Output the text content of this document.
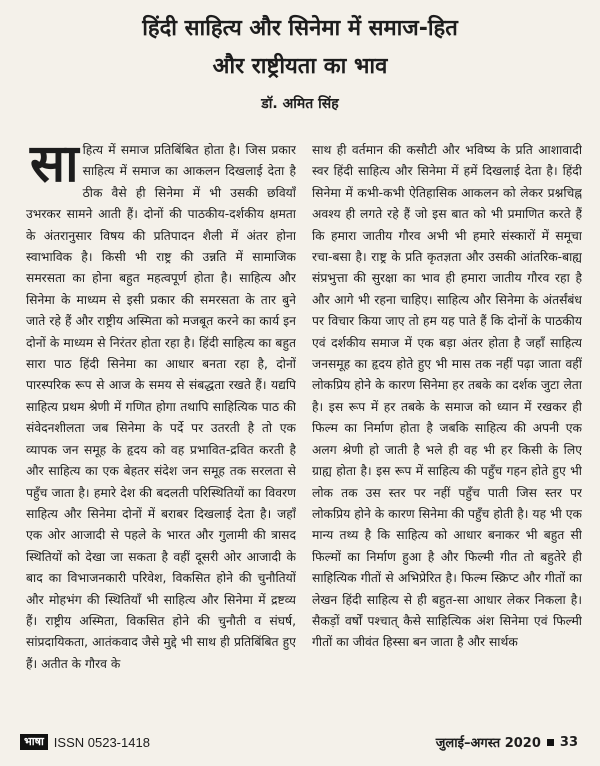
हिंदी साहित्य और सिनेमा में समाज-हित
और राष्ट्रीयता का भाव
डॉ. अमित सिंह
सा हित्य में समाज प्रतिबिंबित होता है। जिस प्रकार साहित्य में समाज का आकलन दिखलाई देता है ठीक वैसे ही सिनेमा में भी उसकी छवियाँ उभरकर सामने आती हैं। दोनों की पाठकीय-दर्शकीय क्षमता के अंतरानुसार विषय की प्रतिपादन शैली में अंतर होना स्वाभाविक है। किसी भी राष्ट्र की उन्नति में सामाजिक समरसता का होना बहुत महत्वपूर्ण होता है। साहित्य और सिनेमा के माध्यम से इसी प्रकार की समरसता के तार बुने जाते रहे हैं और राष्ट्रीय अस्मिता को मजबूत करने का कार्य इन दोनों के माध्यम से निरंतर होता रहा है। हिंदी साहित्य का बहुत सारा पाठ हिंदी सिनेमा का आधार बनता रहा है, दोनों पारस्परिक रूप से आज के समय से संबद्धता रखते हैं। यद्यपि साहित्य प्रथम श्रेणी में गणित होगा तथापि साहित्यिक पाठ की संवेदनशीलता जब सिनेमा के पर्दे पर उतरती है तो एक व्यापक जन समूह के हृदय को वह प्रभावित-द्रवित करती है और साहित्य का एक बेहतर संदेश जन समूह तक सरलता से पहुँच जाता है। हमारे देश की बदलती परिस्थितियों का विवरण साहित्य और सिनेमा दोनों में बराबर दिखलाई देता है। जहाँ एक ओर आजादी से पहले के भारत और गुलामी की त्रासद स्थितियों को देखा जा सकता है वहीं दूसरी ओर आजादी के बाद का विभाजनकारी परिवेश, विकसित होने की चुनौतियों और मोहभंग की स्थितियाँ भी साहित्य और सिनेमा में द्रष्टव्य हैं। राष्ट्रीय अस्मिता, विकसित होने की चुनौती व संघर्ष, सांप्रदायिकता, आतंकवाद जैसे मुद्दे भी साथ ही प्रतिबिंबित हुए हैं। अतीत के गौरव के
साथ ही वर्तमान की कसौटी और भविष्य के प्रति आशावादी स्वर हिंदी साहित्य और सिनेमा में हमें दिखलाई देता है। हिंदी सिनेमा में कभी-कभी ऐतिहासिक आकलन को लेकर प्रश्नचिह्न अवश्य ही लगते रहे हैं जो इस बात को भी प्रमाणित करते हैं कि हमारा जातीय गौरव अभी भी हमारे संस्कारों में समूचा रचा-बसा है। राष्ट्र के प्रति कृतज्ञता और उसकी आंतरिक-बाह्य संप्रभुत्ता की सुरक्षा का भाव ही हमारा जातीय गौरव रहा है और आगे भी रहना चाहिए। साहित्य और सिनेमा के अंतर्संबंध पर विचार किया जाए तो हम यह पाते हैं कि दोनों के पाठकीय एवं दर्शकीय समाज में एक बड़ा अंतर होता है जहाँ साहित्य जनसमूह का हृदय होते हुए भी मास तक नहीं पढ़ा जाता वहीं लोकप्रिय होने के कारण सिनेमा हर तबके का दर्शक जुटा लेता है। इस रूप में हर तबके के समाज को ध्यान में रखकर ही फिल्म का निर्माण होता है जबकि साहित्य की अपनी एक अलग श्रेणी हो जाती है भले ही वह भी हर किसी के लिए ग्राह्य होता है। इस रूप में साहित्य की पहुँच गहन होते हुए भी लोक तक उस स्तर पर नहीं पहुँच पाती जिस स्तर पर लोकप्रिय होने के कारण सिनेमा की पहुँच होती है। यह भी एक मान्य तथ्य है कि साहित्य को आधार बनाकर भी बहुत सी फिल्मों का निर्माण हुआ है और फिल्मी गीत तो बहुतेरे ही साहित्यिक गीतों से अभिप्रेरित है। फिल्म स्क्रिप्ट और गीतों का लेखन हिंदी साहित्य से ही बहुत-सा आधार लेकर निकला है। सैकड़ों वर्षों पश्चात् कैसे साहित्यिक अंश सिनेमा एवं फिल्मी गीतों का जीवंत हिस्सा बन जाता है और सार्थक
भाषा ISSN 0523-1418	जुलाई–अगस्त 2020 33
